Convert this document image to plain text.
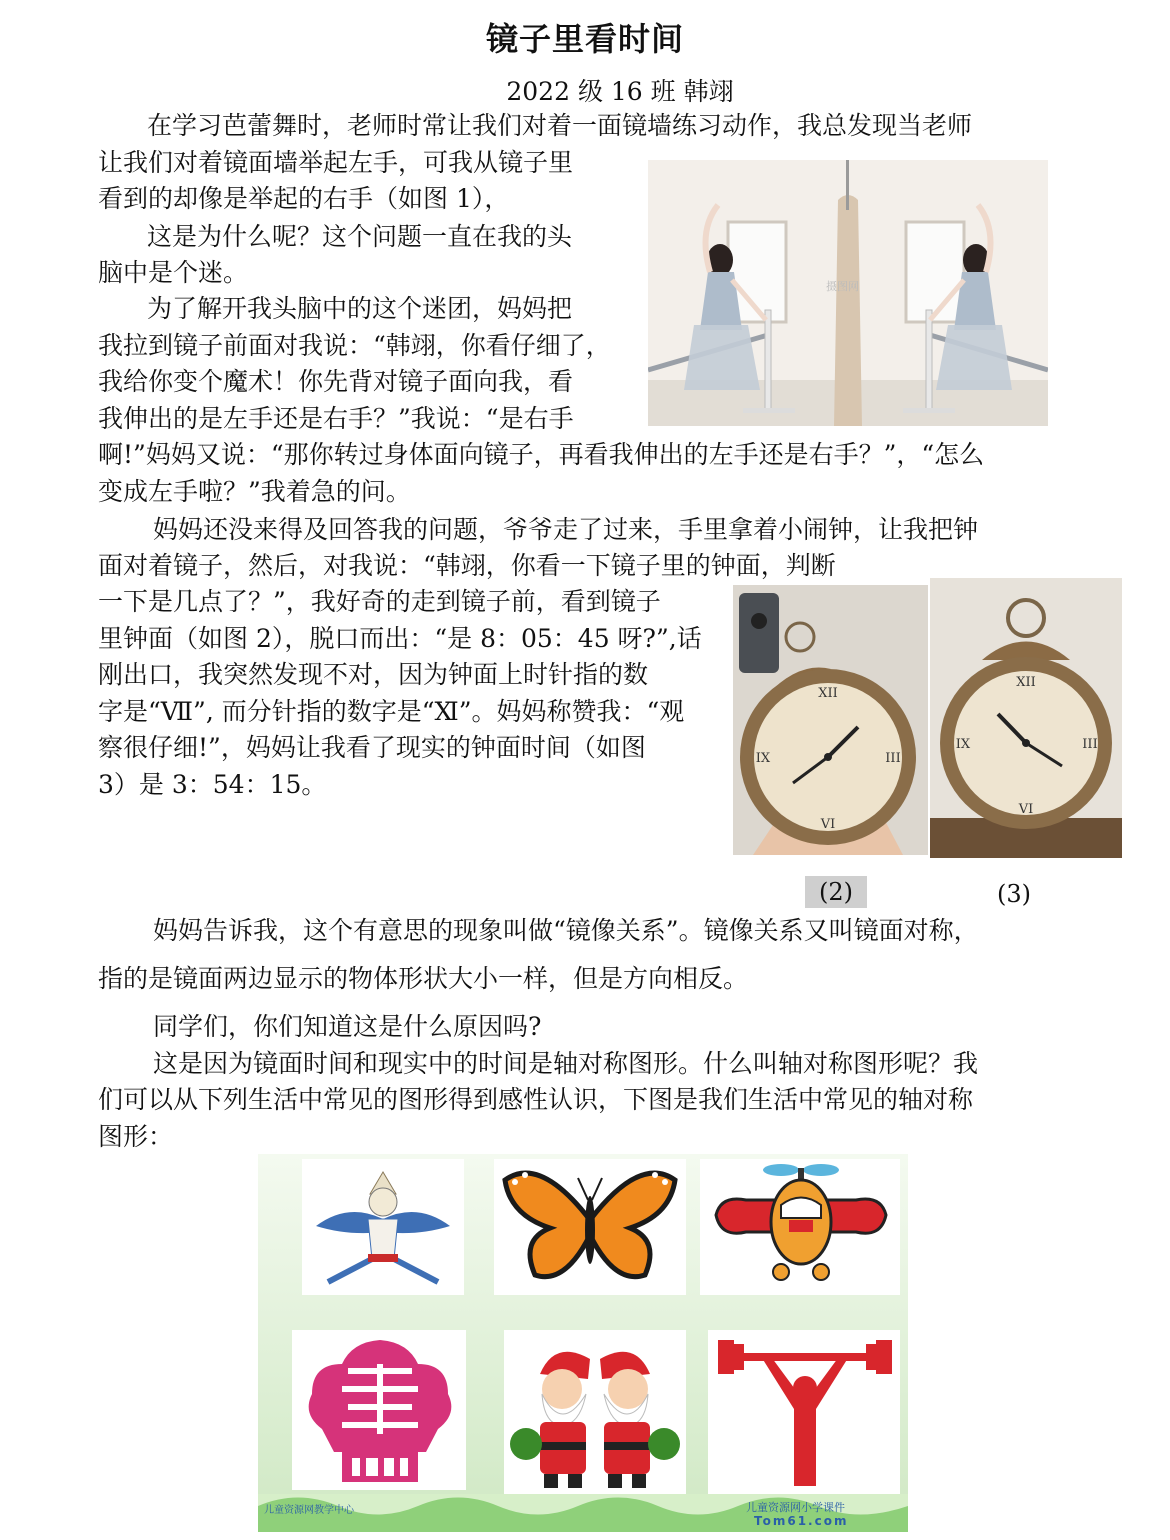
镜子里看时间
2022 级 16 班 韩翊
在学习芭蕾舞时，老师时常让我们对着一面镜墙练习动作，我总发现当老师
让我们对着镜面墙举起左手，可我从镜子里
看到的却像是举起的右手（如图 1），
这是为什么呢？这个问题一直在我的头
脑中是个迷。
为了解开我头脑中的这个迷团，妈妈把
我拉到镜子前面对我说：“韩翊，你看仔细了，
我给你变个魔术！你先背对镜子面向我，看
我伸出的是左手还是右手？”我说：“是右手
啊!”妈妈又说：“那你转过身体面向镜子，再看我伸出的左手还是右手？”，“怎么
变成左手啦？”我着急的问。
妈妈还没来得及回答我的问题，爷爷走了过来，手里拿着小闹钟，让我把钟
面对着镜子，然后，对我说：“韩翊，你看一下镜子里的钟面，判断
一下是几点了？”，我好奇的走到镜子前，看到镜子
里钟面（如图 2），脱口而出：“是 8：05：45 呀?”,话
刚出口，我突然发现不对，因为钟面上时针指的数
字是“Ⅶ”, 而分针指的数字是“Ⅺ”。妈妈称赞我：“观
察很仔细!”，妈妈让我看了现实的钟面时间（如图
3）是 3：54：15。
妈妈告诉我，这个有意思的现象叫做“镜像关系”。镜像关系又叫镜面对称，
指的是镜面两边显示的物体形状大小一样，但是方向相反。
同学们，你们知道这是什么原因吗?
这是因为镜面时间和现实中的时间是轴对称图形。什么叫轴对称图形呢？我
们可以从下列生活中常见的图形得到感性认识，下图是我们生活中常见的轴对称
图形：
摄图网
XII
VI
IX	III
XII
VI
IX	III
(2)	(3)
儿童资源网教学中心	儿童资源网小学课件
Tom61.com
